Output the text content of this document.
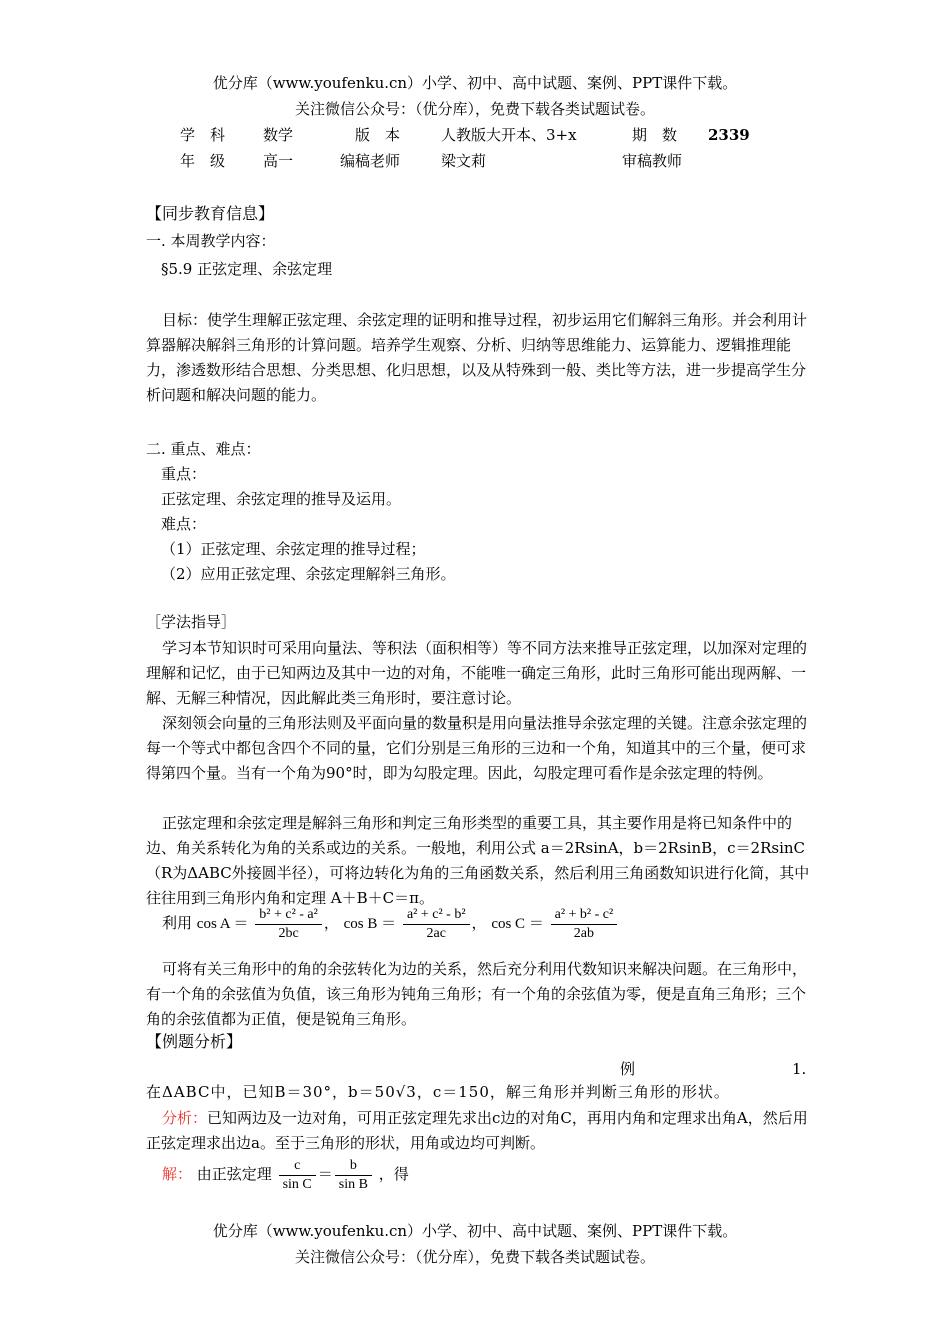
优分库（www.youfenku.cn）小学、初中、高中试题、案例、PPT课件下载。
关注微信公众号：（优分库），免费下载各类试题试卷。
学　科	数学	版　本	人教版大开本、3+x	期　数 2339
年　级	高一	编稿老师	梁文莉	审稿教师
【同步教育信息】
一. 本周教学内容：
§5.9 正弦定理、余弦定理
目标：使学生理解正弦定理、余弦定理的证明和推导过程，初步运用它们解斜三角形。并会利用计算器解决解斜三角形的计算问题。培养学生观察、分析、归纳等思维能力、运算能力、逻辑推理能力，渗透数形结合思想、分类思想、化归思想，以及从特殊到一般、类比等方法，进一步提高学生分析问题和解决问题的能力。
二. 重点、难点：
重点：
正弦定理、余弦定理的推导及运用。
难点：
（1）正弦定理、余弦定理的推导过程；
（2）应用正弦定理、余弦定理解斜三角形。
［学法指导］
学习本节知识时可采用向量法、等积法（面积相等）等不同方法来推导正弦定理，以加深对定理的理解和记忆，由于已知两边及其中一边的对角，不能唯一确定三角形，此时三角形可能出现两解、一解、无解三种情况，因此解此类三角形时，要注意讨论。
深刻领会向量的三角形法则及平面向量的数量积是用向量法推导余弦定理的关键。注意余弦定理的每一个等式中都包含四个不同的量，它们分别是三角形的三边和一个角，知道其中的三个量，便可求得第四个量。当有一个角为90°时，即为勾股定理。因此，勾股定理可看作是余弦定理的特例。
正弦定理和余弦定理是解斜三角形和判定三角形类型的重要工具，其主要作用是将已知条件中的边、角关系转化为角的关系或边的关系。一般地，利用公式 a＝2RsinA，b＝2RsinB，c＝2RsinC（R为ΔABC外接圆半径），可将边转化为角的三角函数关系，然后利用三角函数知识进行化简，其中往往用到三角形内角和定理 A＋B＋C＝π。
利用 $\cos A = \frac{\text{b² + c² - a²}}{2bc}$ ， $\cos B = \frac{\text{a² + c² - b²}}{2ac}$ ， $\cos C = \frac{\text{a² + b² - c²}}{2ab}$
可将有关三角形中的角的余弦转化为边的关系，然后充分利用代数知识来解决问题。在三角形中，有一个角的余弦值为负值，该三角形为钝角三角形；有一个角的余弦值为零，便是直角三角形；三个角的余弦值都为正值，便是锐角三角形。
【例题分析】
例	1.
在ΔABC中，已知B＝30°，b＝50√3，c＝150，解三角形并判断三角形的形状。
分析：已知两边及一边对角，可用正弦定理先求出c边的对角C，再用内角和定理求出角A，然后用正弦定理求出边a。至于三角形的形状，用角或边均可判断。
解： 由正弦定理 $\frac{c}{\text{sin C}} = \frac{b}{\text{sin B}}$ ，得
优分库（www.youfenku.cn）小学、初中、高中试题、案例、PPT课件下载。
关注微信公众号：（优分库），免费下载各类试题试卷。
